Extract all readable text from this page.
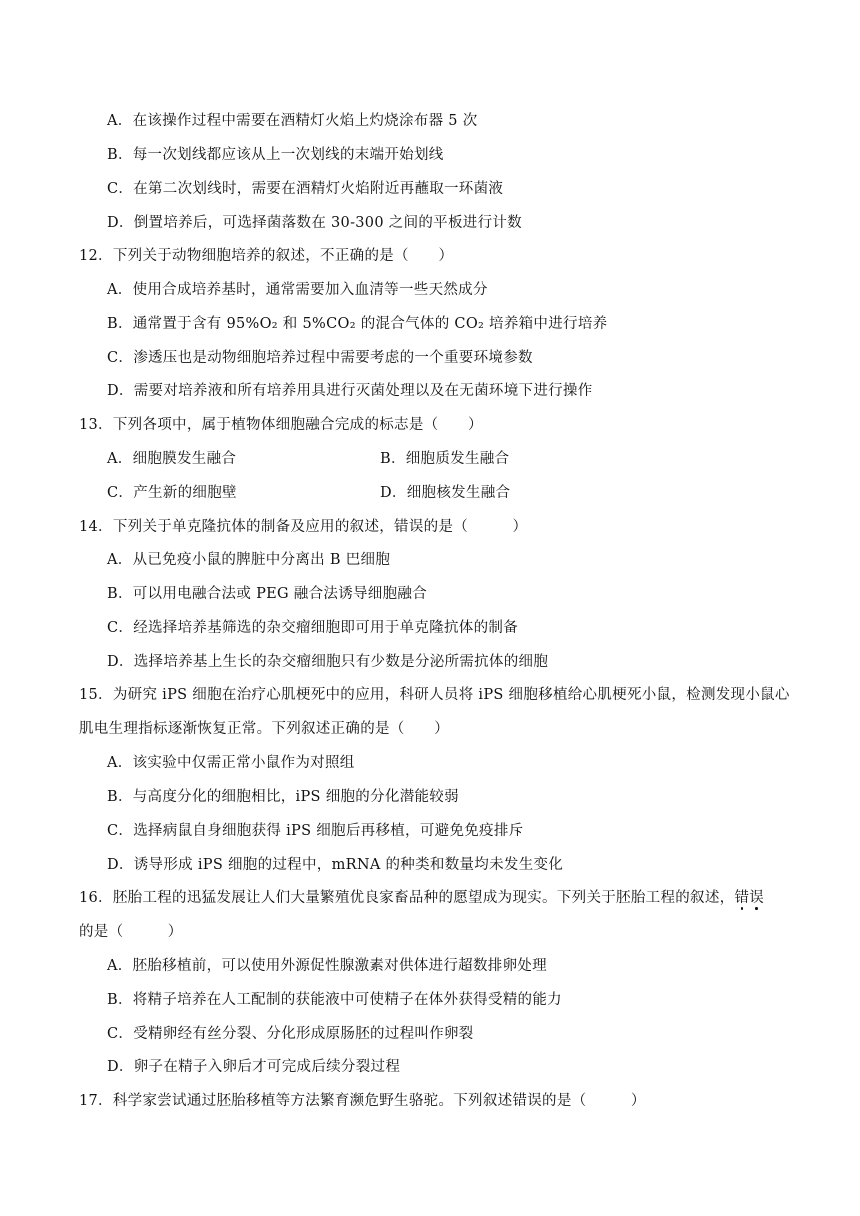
A．在该操作过程中需要在酒精灯火焰上灼烧涂布器 5 次
B．每一次划线都应该从上一次划线的末端开始划线
C．在第二次划线时，需要在酒精灯火焰附近再蘸取一环菌液
D．倒置培养后，可选择菌落数在 30-300 之间的平板进行计数
12．下列关于动物细胞培养的叙述，不正确的是（　　）
A．使用合成培养基时，通常需要加入血清等一些天然成分
B．通常置于含有 95%O₂ 和 5%CO₂ 的混合气体的 CO₂ 培养箱中进行培养
C．渗透压也是动物细胞培养过程中需要考虑的一个重要环境参数
D．需要对培养液和所有培养用具进行灭菌处理以及在无菌环境下进行操作
13．下列各项中，属于植物体细胞融合完成的标志是（　　）
A．细胞膜发生融合	B．细胞质发生融合
C．产生新的细胞壁	D．细胞核发生融合
14．下列关于单克隆抗体的制备及应用的叙述，错误的是（　　　）
A．从已免疫小鼠的脾脏中分离出 B 巴细胞
B．可以用电融合法或 PEG 融合法诱导细胞融合
C．经选择培养基筛选的杂交瘤细胞即可用于单克隆抗体的制备
D．选择培养基上生长的杂交瘤细胞只有少数是分泌所需抗体的细胞
15．为研究 iPS 细胞在治疗心肌梗死中的应用，科研人员将 iPS 细胞移植给心肌梗死小鼠，检测发现小鼠心
肌电生理指标逐渐恢复正常。下列叙述正确的是（　　）
A．该实验中仅需正常小鼠作为对照组
B．与高度分化的细胞相比，iPS 细胞的分化潜能较弱
C．选择病鼠自身细胞获得 iPS 细胞后再移植，可避免免疫排斥
D．诱导形成 iPS 细胞的过程中，mRNA 的种类和数量均未发生变化
16．胚胎工程的迅猛发展让人们大量繁殖优良家畜品种的愿望成为现实。下列关于胚胎工程的叙述，错误
的是（　　　）
A．胚胎移植前，可以使用外源促性腺激素对供体进行超数排卵处理
B．将精子培养在人工配制的获能液中可使精子在体外获得受精的能力
C．受精卵经有丝分裂、分化形成原肠胚的过程叫作卵裂
D．卵子在精子入卵后才可完成后续分裂过程
17．科学家尝试通过胚胎移植等方法繁育濒危野生骆驼。下列叙述错误的是（　　　）
